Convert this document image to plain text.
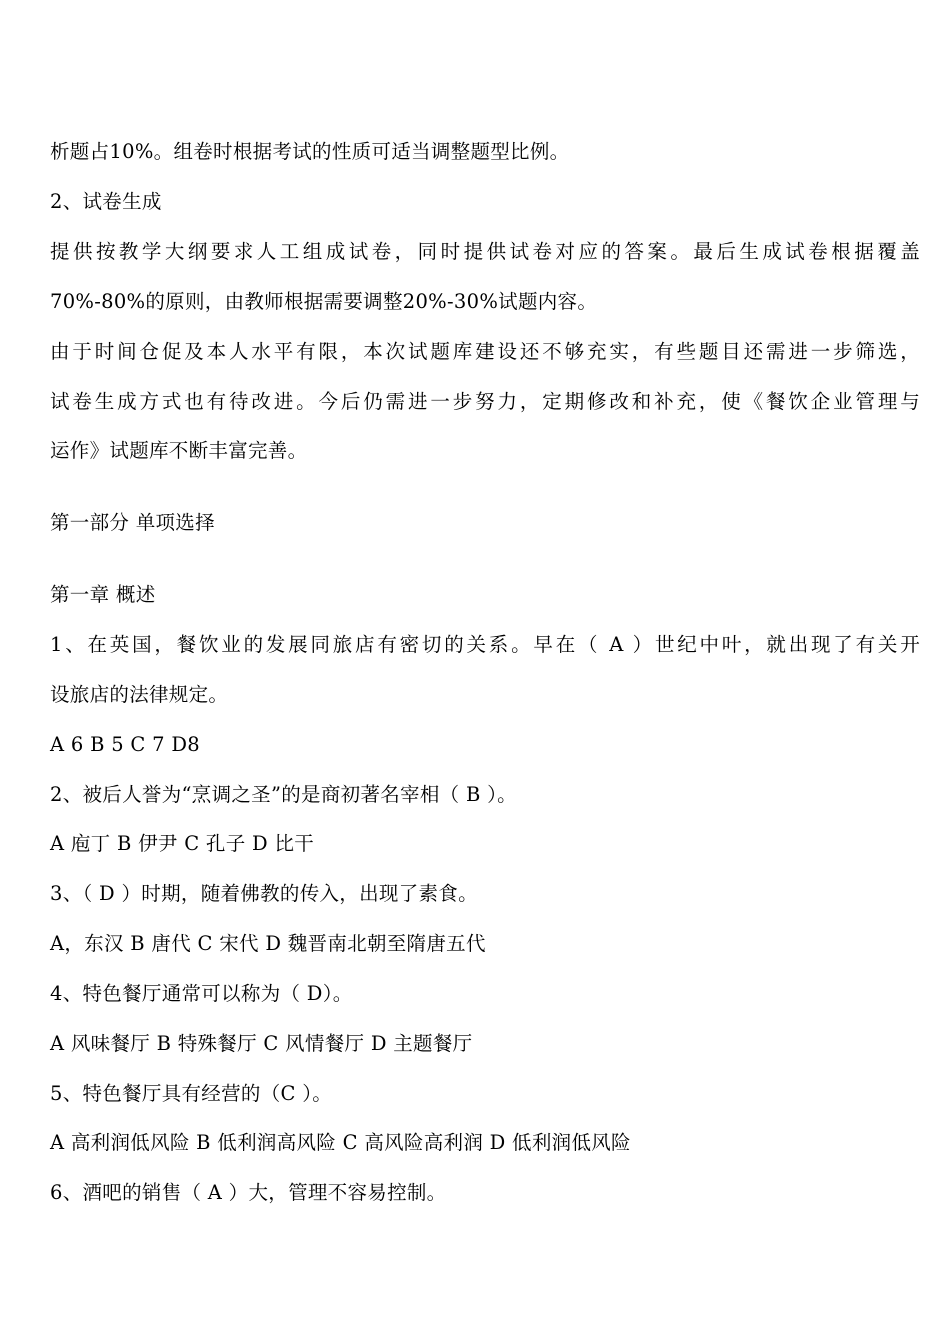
析题占10%。组卷时根据考试的性质可适当调整题型比例。
2、试卷生成
提供按教学大纲要求人工组成试卷，同时提供试卷对应的答案。最后生成试卷根据覆盖
70%-80%的原则，由教师根据需要调整20%-30%试题内容。
由于时间仓促及本人水平有限，本次试题库建设还不够充实，有些题目还需进一步筛选，
试卷生成方式也有待改进。今后仍需进一步努力，定期修改和补充，使《餐饮企业管理与
运作》试题库不断丰富完善。
第一部分 单项选择
第一章 概述
1、在英国，餐饮业的发展同旅店有密切的关系。早在（ A ）世纪中叶，就出现了有关开
设旅店的法律规定。
A 6 B 5 C 7 D8
2、被后人誉为“烹调之圣”的是商初著名宰相（ B ）。
A 庖丁 B 伊尹 C 孔子 D 比干
3、（ D ）时期，随着佛教的传入，出现了素食。
A，东汉 B 唐代 C 宋代 D 魏晋南北朝至隋唐五代
4、特色餐厅通常可以称为（ D）。
A 风味餐厅 B 特殊餐厅 C 风情餐厅 D 主题餐厅
5、特色餐厅具有经营的（C ）。
A 高利润低风险 B 低利润高风险 C 高风险高利润 D 低利润低风险
6、酒吧的销售（ A ）大，管理不容易控制。
